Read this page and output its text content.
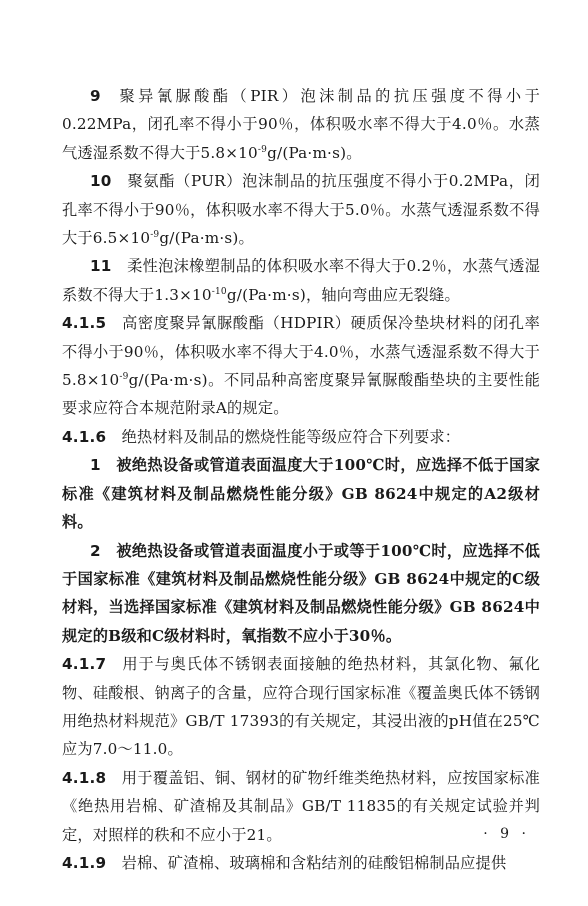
9  聚异氰脲酸酯（PIR）泡沫制品的抗压强度不得小于0.22MPa，闭孔率不得小于90％，体积吸水率不得大于4.0％。水蒸气透湿系数不得大于$5.8\times 10^{-9}g/(Pa\cdot m\cdot s)$。

10  聚氨酯（PUR）泡沫制品的抗压强度不得小于0.2MPa，闭孔率不得小于90％，体积吸水率不得大于5.0％。水蒸气透湿系数不得大于$6.5\times 10^{-9}g/(Pa\cdot m\cdot s)$。

11  柔性泡沫橡塑制品的体积吸水率不得大于0.2％，水蒸气透湿系数不得大于$1.3\times 10^{-10}g/(Pa\cdot m\cdot s)$，轴向弯曲应无裂缝。

4.1.5  高密度聚异氰脲酸酯（HDPIR）硬质保冷垫块材料的闭孔率不得小于90％，体积吸水率不得大于4.0％，水蒸气透湿系数不得大于$5.8\times 10^{-9}g/(Pa\cdot m\cdot s)$。不同品种高密度聚异氰脲酸酯垫块的主要性能要求应符合本规范附录A的规定。

4.1.6  绝热材料及制品的燃烧性能等级应符合下列要求：

1  被绝热设备或管道表面温度大于100℃时，应选择不低于国家标准《建筑材料及制品燃烧性能分级》GB 8624中规定的A2级材料。

2  被绝热设备或管道表面温度小于或等于100℃时，应选择不低于国家标准《建筑材料及制品燃烧性能分级》GB 8624中规定的C级材料，当选择国家标准《建筑材料及制品燃烧性能分级》GB 8624中规定的B级和C级材料时，氧指数不应小于30％。

4.1.7  用于与奥氏体不锈钢表面接触的绝热材料，其氯化物、氟化物、硅酸根、钠离子的含量，应符合现行国家标准《覆盖奥氏体不锈钢用绝热材料规范》GB/T 17393的有关规定，其浸出液的pH值在25℃应为7.0～11.0。

4.1.8  用于覆盖铝、铜、钢材的矿物纤维类绝热材料，应按国家标准《绝热用岩棉、矿渣棉及其制品》GB/T 11835的有关规定试验并判定，对照样的秩和不应小于21。

4.1.9  岩棉、矿渣棉、玻璃棉和含粘结剂的硅酸铝棉制品应提供

· 9 ·
